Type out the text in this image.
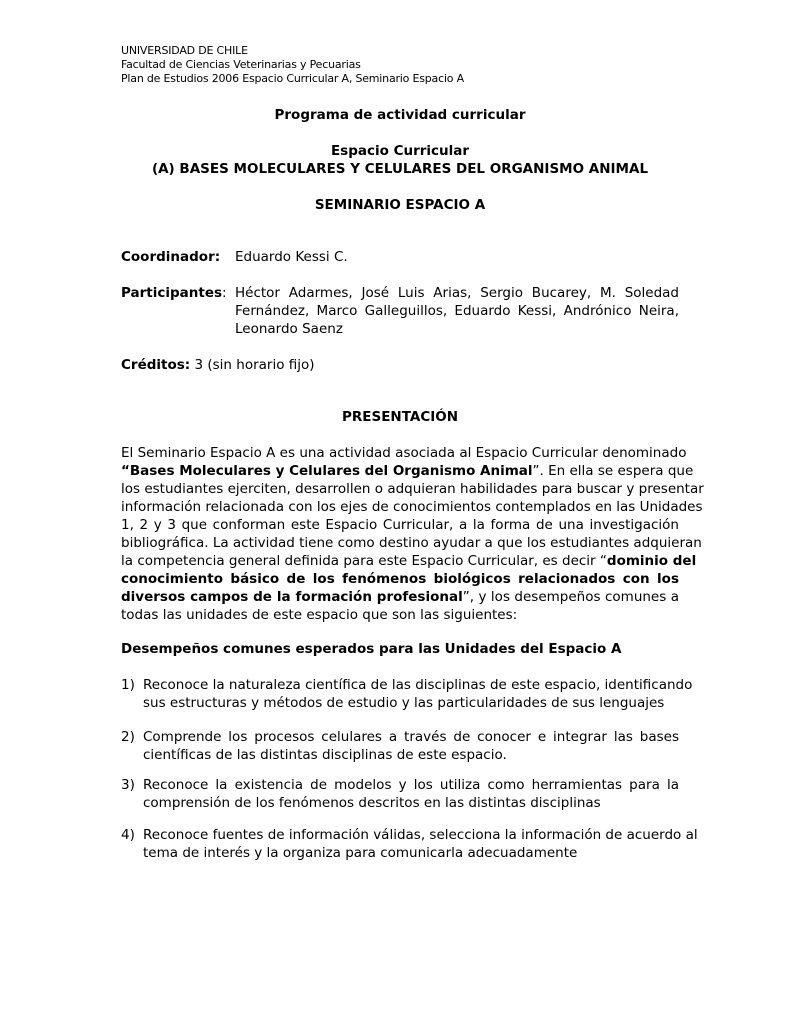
UNIVERSIDAD DE CHILE
Facultad de Ciencias Veterinarias y Pecuarias
Plan de Estudios 2006 Espacio Curricular A, Seminario Espacio A
Programa de actividad curricular
Espacio Curricular
(A) BASES MOLECULARES Y CELULARES DEL ORGANISMO ANIMAL
SEMINARIO ESPACIO A
Coordinador: Eduardo Kessi C.
Participantes: Héctor Adarmes, José Luis Arias, Sergio Bucarey, M. Soledad
Fernández, Marco Galleguillos, Eduardo Kessi, Andrónico Neira,
Leonardo Saenz
Créditos: 3 (sin horario fijo)
PRESENTACIÓN
El Seminario Espacio A es una actividad asociada al Espacio Curricular denominado
“Bases Moleculares y Celulares del Organismo Animal”. En ella se espera que
los estudiantes ejerciten, desarrollen o adquieran habilidades para buscar y presentar
información relacionada con los ejes de conocimientos contemplados en las Unidades
1, 2 y 3 que conforman este Espacio Curricular, a la forma de una investigación
bibliográfica. La actividad tiene como destino ayudar a que los estudiantes adquieran
la competencia general definida para este Espacio Curricular, es decir “dominio del
conocimiento básico de los fenómenos biológicos relacionados con los
diversos campos de la formación profesional”, y los desempeños comunes a
todas las unidades de este espacio que son las siguientes:
Desempeños comunes esperados para las Unidades del Espacio A
1) Reconoce la naturaleza científica de las disciplinas de este espacio, identificando
sus estructuras y métodos de estudio y las particularidades de sus lenguajes
2) Comprende los procesos celulares a través de conocer e integrar las bases
científicas de las distintas disciplinas de este espacio.
3) Reconoce la existencia de modelos y los utiliza como herramientas para la
comprensión de los fenómenos descritos en las distintas disciplinas
4) Reconoce fuentes de información válidas, selecciona la información de acuerdo al
tema de interés y la organiza para comunicarla adecuadamente
